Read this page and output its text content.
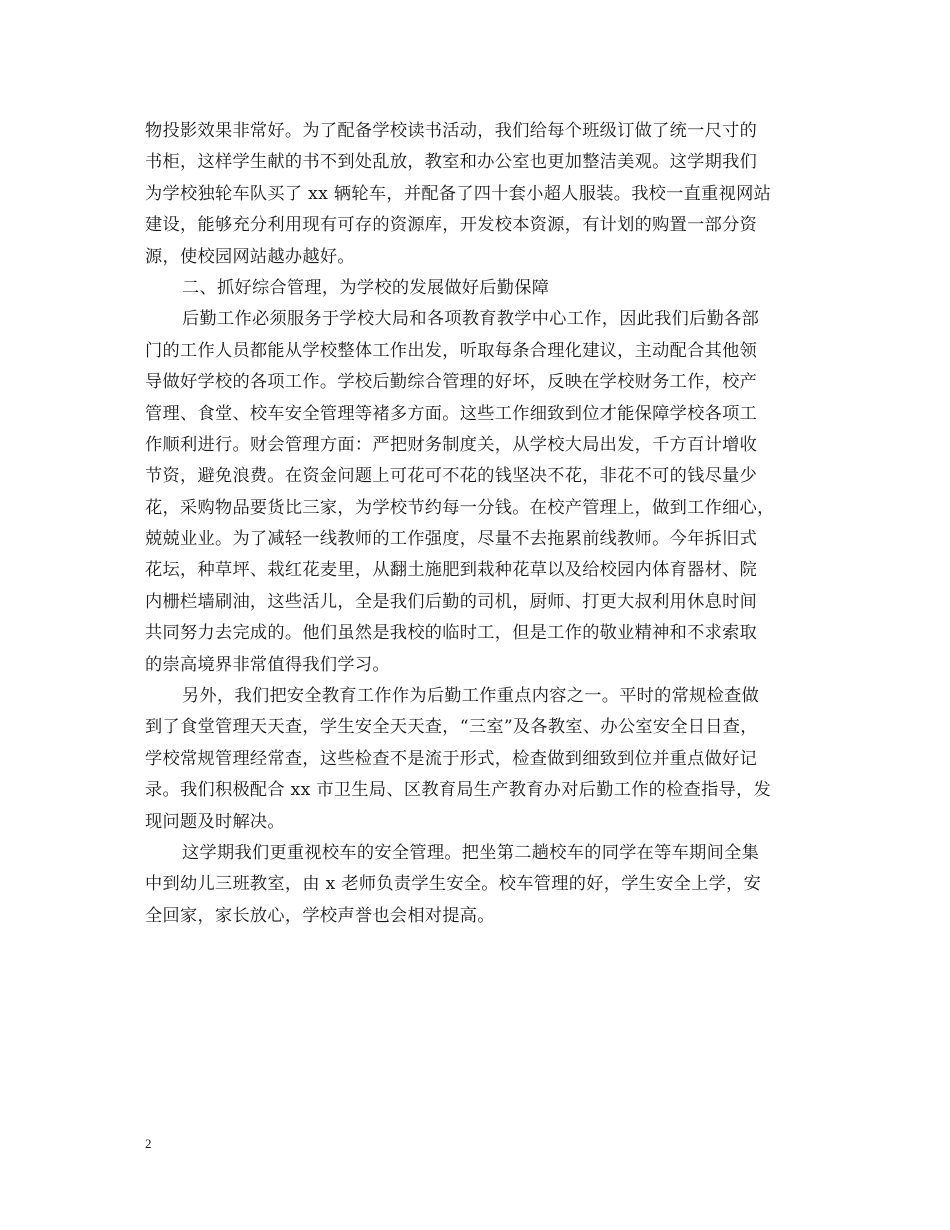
物投影效果非常好。为了配备学校读书活动，我们给每个班级订做了统一尺寸的
书柜，这样学生献的书不到处乱放，教室和办公室也更加整洁美观。这学期我们
为学校独轮车队买了 xx 辆轮车，并配备了四十套小超人服装。我校一直重视网站
建设，能够充分利用现有可存的资源库，开发校本资源，有计划的购置一部分资
源，使校园网站越办越好。
二、抓好综合管理，为学校的发展做好后勤保障
后勤工作必须服务于学校大局和各项教育教学中心工作，因此我们后勤各部
门的工作人员都能从学校整体工作出发，听取每条合理化建议，主动配合其他领
导做好学校的各项工作。学校后勤综合管理的好坏，反映在学校财务工作，校产
管理、食堂、校车安全管理等褚多方面。这些工作细致到位才能保障学校各项工
作顺利进行。财会管理方面：严把财务制度关，从学校大局出发，千方百计增收
节资，避免浪费。在资金问题上可花可不花的钱坚决不花，非花不可的钱尽量少
花，采购物品要货比三家，为学校节约每一分钱。在校产管理上，做到工作细心，
兢兢业业。为了减轻一线教师的工作强度，尽量不去拖累前线教师。今年拆旧式
花坛，种草坪、栽红花麦里，从翻土施肥到栽种花草以及给校园内体育器材、院
内栅栏墙刷油，这些活儿，全是我们后勤的司机，厨师、打更大叔利用休息时间
共同努力去完成的。他们虽然是我校的临时工，但是工作的敬业精神和不求索取
的崇高境界非常值得我们学习。
另外，我们把安全教育工作作为后勤工作重点内容之一。平时的常规检查做
到了食堂管理天天查，学生安全天天查，“三室”及各教室、办公室安全日日查，
学校常规管理经常查，这些检查不是流于形式，检查做到细致到位并重点做好记
录。我们积极配合 xx 市卫生局、区教育局生产教育办对后勤工作的检查指导，发
现问题及时解决。
这学期我们更重视校车的安全管理。把坐第二趟校车的同学在等车期间全集
中到幼儿三班教室，由 x 老师负责学生安全。校车管理的好，学生安全上学，安
全回家，家长放心，学校声誉也会相对提高。
2
